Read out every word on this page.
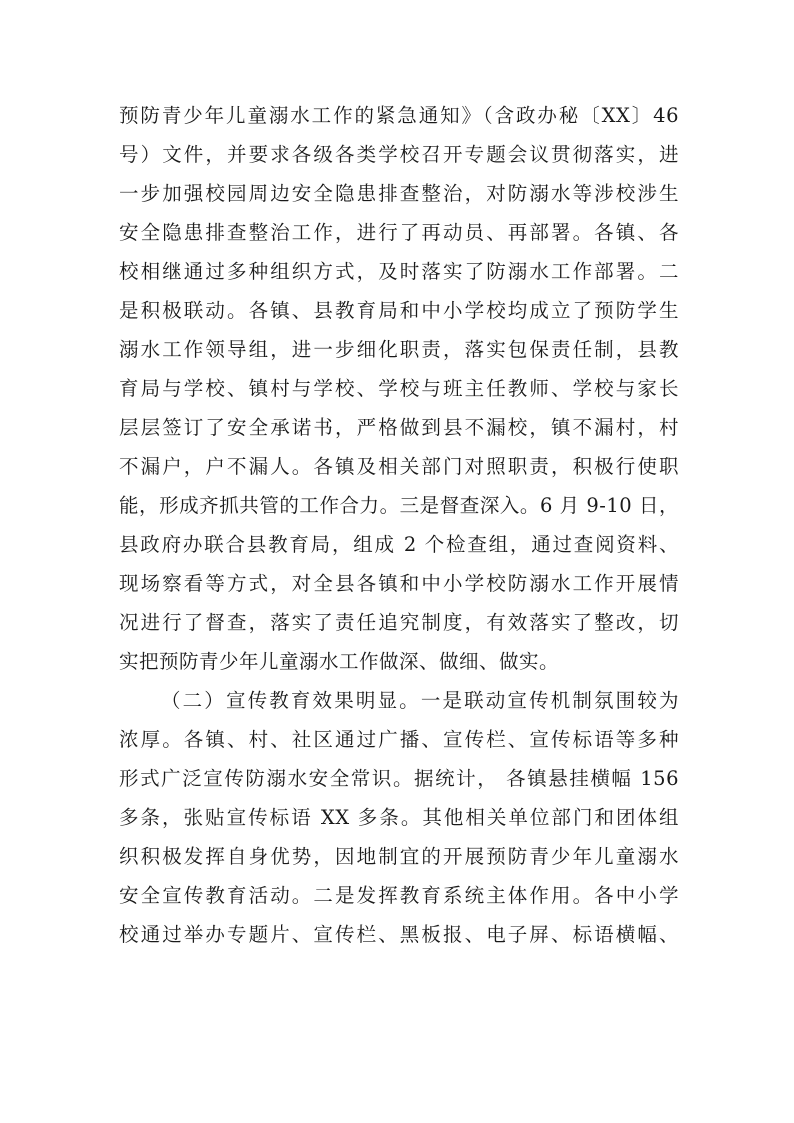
预防青少年儿童溺水工作的紧急通知》（含政办秘〔XX〕46
号）文件，并要求各级各类学校召开专题会议贯彻落实，进
一步加强校园周边安全隐患排查整治，对防溺水等涉校涉生
安全隐患排查整治工作，进行了再动员、再部署。各镇、各
校相继通过多种组织方式，及时落实了防溺水工作部署。二
是积极联动。各镇、县教育局和中小学校均成立了预防学生
溺水工作领导组，进一步细化职责，落实包保责任制，县教
育局与学校、镇村与学校、学校与班主任教师、学校与家长
层层签订了安全承诺书，严格做到县不漏校，镇不漏村，村
不漏户，户不漏人。各镇及相关部门对照职责，积极行使职
能，形成齐抓共管的工作合力。三是督查深入。6 月 9-10 日，
县政府办联合县教育局，组成 2 个检查组，通过查阅资料、
现场察看等方式，对全县各镇和中小学校防溺水工作开展情
况进行了督查，落实了责任追究制度，有效落实了整改，切
实把预防青少年儿童溺水工作做深、做细、做实。
（二）宣传教育效果明显。一是联动宣传机制氛围较为
浓厚。各镇、村、社区通过广播、宣传栏、宣传标语等多种
形式广泛宣传防溺水安全常识。据统计， 各镇悬挂横幅 156
多条，张贴宣传标语 XX 多条。其他相关单位部门和团体组
织积极发挥自身优势，因地制宜的开展预防青少年儿童溺水
安全宣传教育活动。二是发挥教育系统主体作用。各中小学
校通过举办专题片、宣传栏、黑板报、电子屏、标语横幅、
